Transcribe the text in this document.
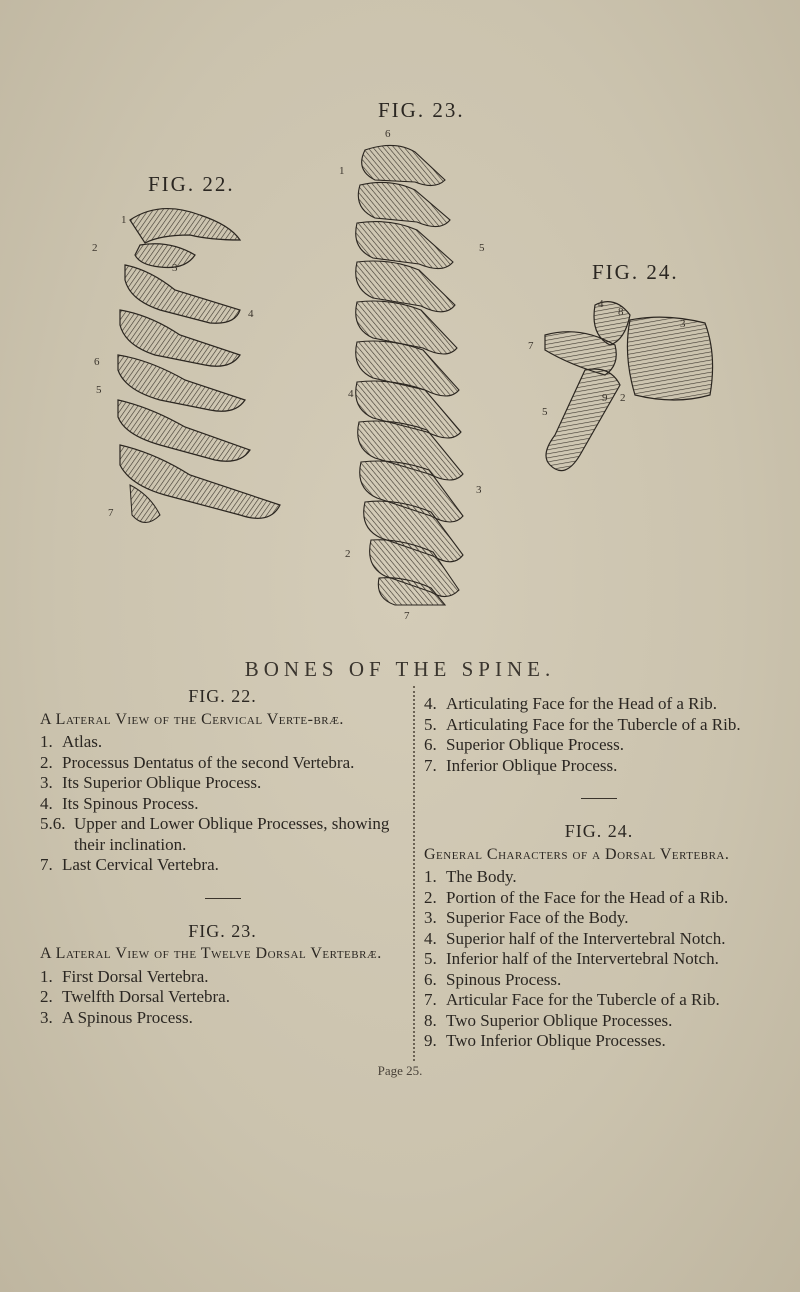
FIG. 23.
FIG. 22.
FIG. 24.
1
2
3
4
5
6
7
6
1
5
4
3
2
7
4
8
3
7
9 2
5
BONES OF THE SPINE.
FIG. 22.
A Lateral View of the Cervical Verte-bræ.
1. Atlas.
2. Processus Dentatus of the second Vertebra.
3. Its Superior Oblique Process.
4. Its Spinous Process.
5.6. Upper and Lower Oblique Processes, showing their inclination.
7. Last Cervical Vertebra.
FIG. 23.
A Lateral View of the Twelve Dorsal Vertebræ.
1. First Dorsal Vertebra.
2. Twelfth Dorsal Vertebra.
3. A Spinous Process.
4. Articulating Face for the Head of a Rib.
5. Articulating Face for the Tubercle of a Rib.
6. Superior Oblique Process.
7. Inferior Oblique Process.
FIG. 24.
General Characters of a Dorsal Vertebra.
1. The Body.
2. Portion of the Face for the Head of a Rib.
3. Superior Face of the Body.
4. Superior half of the Intervertebral Notch.
5. Inferior half of the Intervertebral Notch.
6. Spinous Process.
7. Articular Face for the Tubercle of a Rib.
8. Two Superior Oblique Processes.
9. Two Inferior Oblique Processes.
Page 25.
